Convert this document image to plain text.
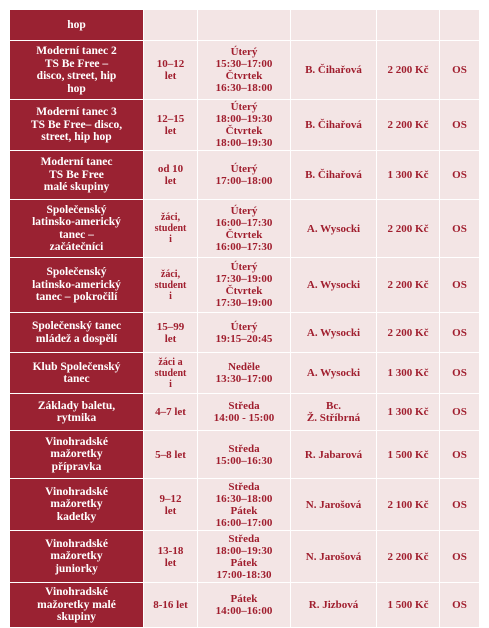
hop					

Moderní tanec 2
TS Be Free –
disco, street, hip
hop	10–12
let	Úterý
15:30–17:00
Čtvrtek
16:30–18:00	B. Čihařová	2 200 Kč	OS

Moderní tanec 3
TS Be Free– disco,
street, hip hop	12–15
let	Úterý
18:00–19:30
Čtvrtek
18:00–19:30	B. Čihařová	2 200 Kč	OS

Moderní tanec
TS Be Free
malé skupiny	od 10
let	Úterý
17:00–18:00	B. Čihařová	1 300 Kč	OS

Společenský
latinsko-americký
tanec –
začátečníci	žáci,
student
i	Úterý
16:00–17:30
Čtvrtek
16:00–17:30	A. Wysocki	2 200 Kč	OS

Společenský
latinsko-americký
tanec – pokročilí	žáci,
student
i	Úterý
17:30–19:00
Čtvrtek
17:30–19:00	A. Wysocki	2 200 Kč	OS

Společenský tanec
mládež a dospělí	15–99
let	Úterý
19:15–20:45	A. Wysocki	2 200 Kč	OS

Klub Společenský
tanec	žáci a
student
i	Neděle
13:30–17:00	A. Wysocki	1 300 Kč	OS

Základy baletu,
rytmika	4–7 let	Středa
14:00 - 15:00	Bc.
Ž. Stříbrná	1 300 Kč	OS

Vinohradské
mažoretky
přípravka	5–8 let	Středa
15:00–16:30	R. Jabarová	1 500 Kč	OS

Vinohradské
mažoretky
kadetky	9–12
let	Středa
16:30–18:00
Pátek
16:00–17:00	N. Jarošová	2 100 Kč	OS

Vinohradské
mažoretky
juniorky	13-18
let	Středa
18:00–19:30
Pátek
17:00-18:30	N. Jarošová	2 200 Kč	OS

Vinohradské
mažoretky malé
skupiny	8-16 let	Pátek
14:00–16:00	R. Jizbová	1 500 Kč	OS
